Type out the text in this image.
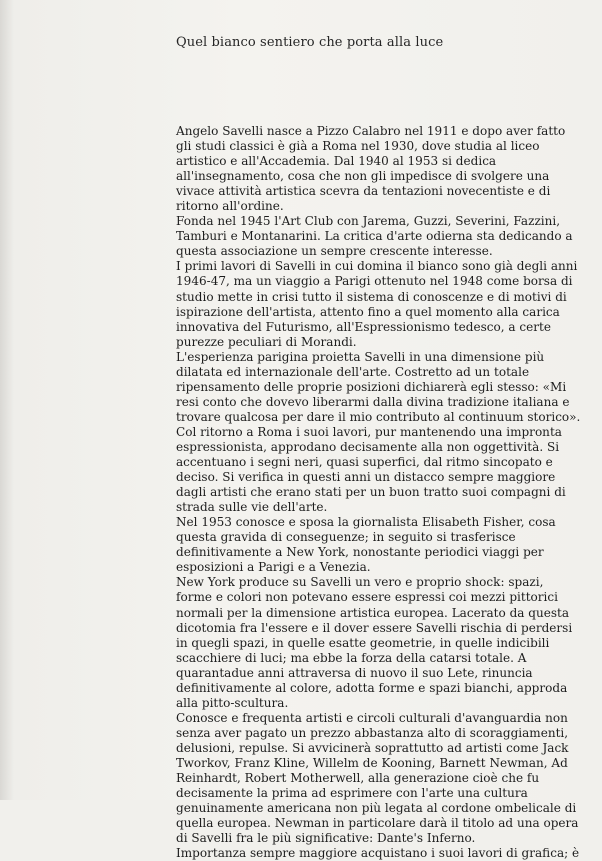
Quel bianco sentiero che porta alla luce
Angelo Savelli nasce a Pizzo Calabro nel 1911 e dopo aver fatto
gli studi classici è già a Roma nel 1930, dove studia al liceo
artistico e all'Accademia. Dal 1940 al 1953 si dedica
all'insegnamento, cosa che non gli impedisce di svolgere una
vivace attività artistica scevra da tentazioni novecentiste e di
ritorno all'ordine.
Fonda nel 1945 l'Art Club con Jarema, Guzzi, Severini, Fazzini,
Tamburi e Montanarini. La critica d'arte odierna sta dedicando a
questa associazione un sempre crescente interesse.
I primi lavori di Savelli in cui domina il bianco sono già degli anni
1946-47, ma un viaggio a Parigi ottenuto nel 1948 come borsa di
studio mette in crisi tutto il sistema di conoscenze e di motivi di
ispirazione dell'artista, attento fino a quel momento alla carica
innovativa del Futurismo, all'Espressionismo tedesco, a certe
purezze peculiari di Morandi.
L'esperienza parigina proietta Savelli in una dimensione più
dilatata ed internazionale dell'arte. Costretto ad un totale
ripensamento delle proprie posizioni dichiarerà egli stesso: «Mi
resi conto che dovevo liberarmi dalla divina tradizione italiana e
trovare qualcosa per dare il mio contributo al continuum storico».
Col ritorno a Roma i suoi lavori, pur mantenendo una impronta
espressionista, approdano decisamente alla non oggettività. Si
accentuano i segni neri, quasi superfici, dal ritmo sincopato e
deciso. Si verifica in questi anni un distacco sempre maggiore
dagli artisti che erano stati per un buon tratto suoi compagni di
strada sulle vie dell'arte.
Nel 1953 conosce e sposa la giornalista Elisabeth Fisher, cosa
questa gravida di conseguenze; in seguito si trasferisce
definitivamente a New York, nonostante periodici viaggi per
esposizioni a Parigi e a Venezia.
New York produce su Savelli un vero e proprio shock: spazi,
forme e colori non potevano essere espressi coi mezzi pittorici
normali per la dimensione artistica europea. Lacerato da questa
dicotomia fra l'essere e il dover essere Savelli rischia di perdersi
in quegli spazi, in quelle esatte geometrie, in quelle indicibili
scacchiere di luci; ma ebbe la forza della catarsi totale. A
quarantadue anni attraversa di nuovo il suo Lete, rinuncia
definitivamente al colore, adotta forme e spazi bianchi, approda
alla pitto-scultura.
Conosce e frequenta artisti e circoli culturali d'avanguardia non
senza aver pagato un prezzo abbastanza alto di scoraggiamenti,
delusioni, repulse. Si avvicinerà soprattutto ad artisti come Jack
Tworkov, Franz Kline, Willelm de Kooning, Barnett Newman, Ad
Reinhardt, Robert Motherwell, alla generazione cioè che fu
decisamente la prima ad esprimere con l'arte una cultura
genuinamente americana non più legata al cordone ombelicale di
quella europea. Newman in particolare darà il titolo ad una opera
di Savelli fra le più significative: Dante's Inferno.
Importanza sempre maggiore acquistano i suoi lavori di grafica; è
